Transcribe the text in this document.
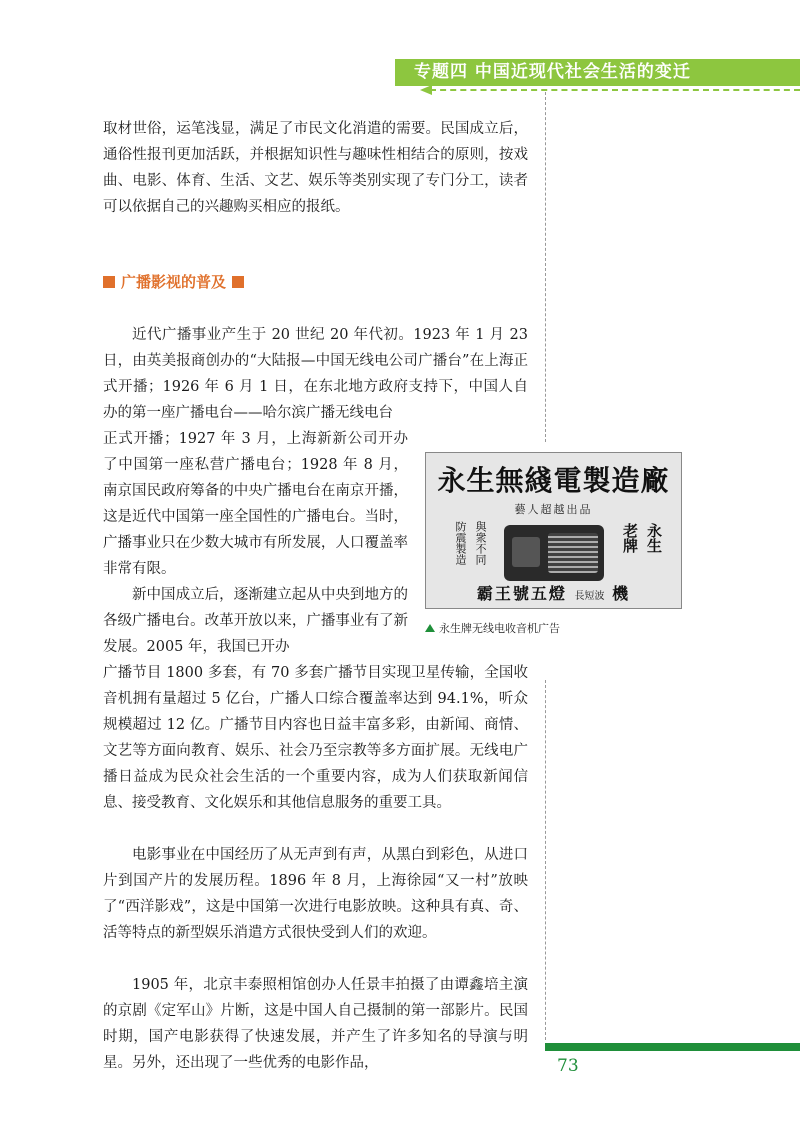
专题四 中国近现代社会生活的变迁

取材世俗，运笔浅显，满足了市民文化消遣的需要。民国成立后，通俗性报刊更加活跃，并根据知识性与趣味性相结合的原则，按戏曲、电影、体育、生活、文艺、娱乐等类别实现了专门分工，读者可以依据自己的兴趣购买相应的报纸。

广播影视的普及

近代广播事业产生于 20 世纪 20 年代初。1923 年 1 月 23 日，由英美报商创办的“大陆报—中国无线电公司广播台”在上海正式开播；1926 年 6 月 1 日，在东北地方政府支持下，中国人自办的第一座广播电台——哈尔滨广播无线电台

正式开播；1927 年 3 月，上海新新公司开办了中国第一座私营广播电台；1928 年 8 月，南京国民政府筹备的中央广播电台在南京开播，这是近代中国第一座全国性的广播电台。当时，广播事业只在少数大城市有所发展，人口覆盖率非常有限。

新中国成立后，逐渐建立起从中央到地方的各级广播电台。改革开放以来，广播事业有了新发展。2005 年，我国已开办

广播节目 1800 多套，有 70 多套广播节目实现卫星传输，全国收音机拥有量超过 5 亿台，广播人口综合覆盖率达到 94.1%，听众规模超过 12 亿。广播节目内容也日益丰富多彩，由新闻、商情、文艺等方面向教育、娱乐、社会乃至宗教等多方面扩展。无线电广播日益成为民众社会生活的一个重要内容，成为人们获取新闻信息、接受教育、文化娱乐和其他信息服务的重要工具。

电影事业在中国经历了从无声到有声，从黑白到彩色，从进口片到国产片的发展历程。1896 年 8 月，上海徐园“又一村”放映了“西洋影戏”，这是中国第一次进行电影放映。这种具有真、奇、活等特点的新型娱乐消遣方式很快受到人们的欢迎。

1905 年，北京丰泰照相馆创办人任景丰拍摄了由谭鑫培主演的京剧《定军山》片断，这是中国人自己摄制的第一部影片。民国时期，国产电影获得了快速发展，并产生了许多知名的导演与明星。另外，还出现了一些优秀的电影作品，

永生無綫電製造廠
藝人超越出品
與衆不同
防震製造	永生
老牌
霸王號五燈 長短波 機
永生牌无线电收音机广告
73
